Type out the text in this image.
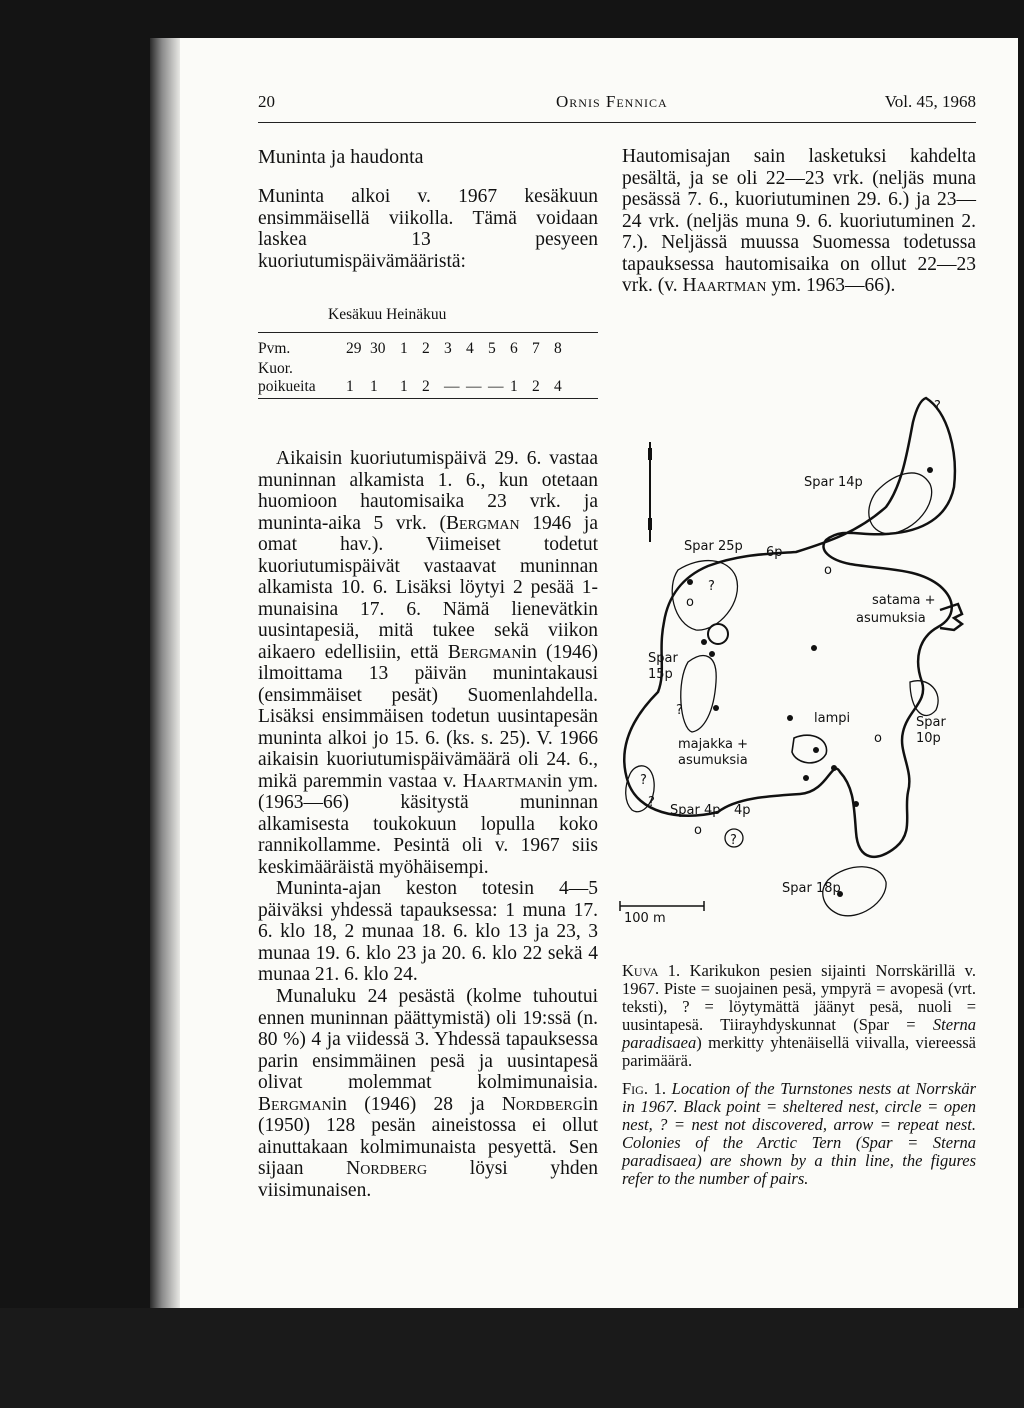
20	Ornis Fennica	Vol. 45, 1968
Muninta ja haudonta
Muninta alkoi v. 1967 kesäkuun ensimmäisellä viikolla. Tämä voidaan laskea 13 pesyeen kuoriutumispäivämääristä:
Kesäkuu Heinäkuu
Pvm.	29 30 1 2 3 4 5 6 7 8
Kuor.
poikueita 1 1 1 2 — — — 1 2 4
Hautomisajan sain lasketuksi kahdelta pesältä, ja se oli 22—23 vrk. (neljäs muna pesässä 7. 6., kuoriutuminen 29. 6.) ja 23—24 vrk. (neljäs muna 9. 6. kuoriutuminen 2. 7.). Neljässä muussa Suomessa todetussa tapauksessa hautomisaika on ollut 22—23 vrk. (v. Haartman ym. 1963—66).
Aikaisin kuoriutumispäivä 29. 6. vastaa muninnan alkamista 1. 6., kun otetaan huomioon hautomisaika 23 vrk. ja muninta-aika 5 vrk. (Bergman 1946 ja omat hav.). Viimeiset todetut kuoriutumispäivät vastaavat muninnan alkamista 10. 6. Lisäksi löytyi 2 pesää 1-munaisina 17. 6. Nämä lienevätkin uusintapesiä, mitä tukee sekä viikon aikaero edellisiin, että Bergmanin (1946) ilmoittama 13 päivän munintakausi (ensimmäiset pesät) Suomenlahdella. Lisäksi ensimmäisen todetun uusintapesän muninta alkoi jo 15. 6. (ks. s. 25). V. 1966 aikaisin kuoriutumispäivämäärä oli 24. 6., mikä paremmin vastaa v. Haartmanin ym. (1963—66) käsitystä muninnan alkamisesta toukokuun lopulla koko rannikollamme. Pesintä oli v. 1967 siis keskimääräistä myöhäisempi.
Muninta-ajan keston totesin 4—5 päiväksi yhdessä tapauksessa: 1 muna 17. 6. klo 18, 2 munaa 18. 6. klo 13 ja 23, 3 munaa 19. 6. klo 23 ja 20. 6. klo 22 sekä 4 munaa 21. 6. klo 24.
Munaluku 24 pesästä (kolme tuhoutui ennen muninnan päättymistä) oli 19:ssä (n. 80 %) 4 ja viidessä 3. Yhdessä tapauksessa parin ensimmäinen pesä ja uusintapesä olivat molemmat kolmimunaisia. Bergmanin (1946) 28 ja Nordbergin (1950) 128 pesän aineistossa ei ollut ainuttakaan kolmimunaista pesyettä. Sen sijaan Nordberg löysi yhden viisimunaisen.
Spar 14p
Spar 25p 6p
satama +
asumuksia
Spar
15p
lampi
majakka +
asumuksia
Spar
10p
Spar 4p 4p
Spar 18p
100 m
?
?
?
?
?
?
o
o
o
o
Kuva 1. Karikukon pesien sijainti Norrskärillä v. 1967. Piste = suojainen pesä, ympyrä = avopesä (vrt. teksti), ? = löytymättä jäänyt pesä, nuoli = uusintapesä. Tiirayhdyskunnat (Spar = Sterna paradisaea) merkitty yhtenäisellä viivalla, viereessä parimäärä.
Fig. 1. Location of the Turnstones nests at Norrskär in 1967. Black point = sheltered nest, circle = open nest, ? = nest not discovered, arrow = repeat nest. Colonies of the Arctic Tern (Spar = Sterna paradisaea) are shown by a thin line, the figures refer to the number of pairs.
